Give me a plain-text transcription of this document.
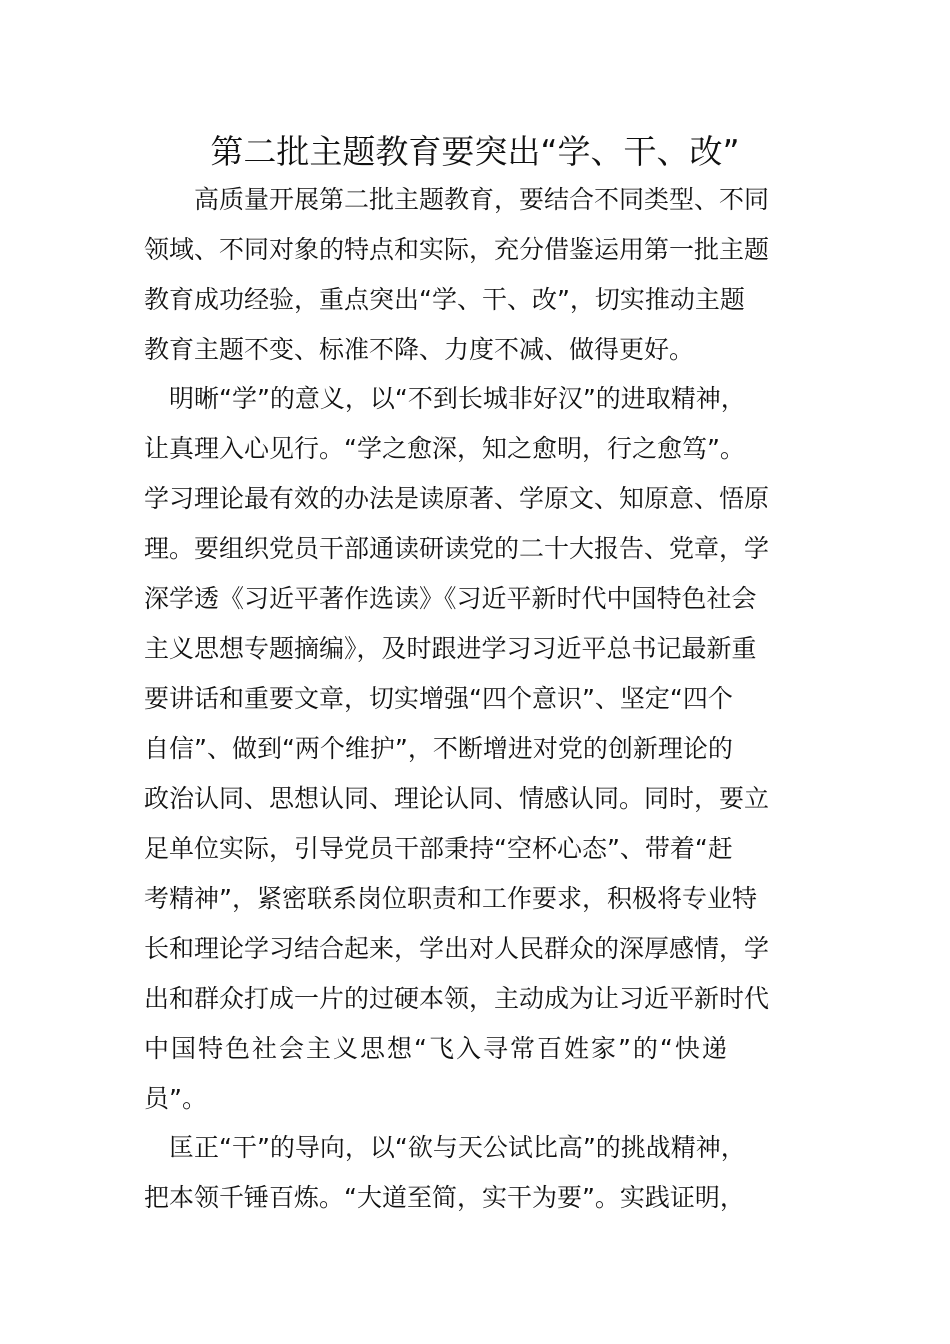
第二批主题教育要突出“学、干、改”
　　高质量开展第二批主题教育，要结合不同类型、不同
领域、不同对象的特点和实际，充分借鉴运用第一批主题
教育成功经验，重点突出“学、干、改”，切实推动主题
教育主题不变、标准不降、力度不减、做得更好。
　明晰“学”的意义，以“不到长城非好汉”的进取精神，
让真理入心见行。“学之愈深，知之愈明，行之愈笃”。
学习理论最有效的办法是读原著、学原文、知原意、悟原
理。要组织党员干部通读研读党的二十大报告、党章，学
深学透《习近平著作选读》《习近平新时代中国特色社会
主义思想专题摘编》，及时跟进学习习近平总书记最新重
要讲话和重要文章，切实增强“四个意识”、坚定“四个
自信”、做到“两个维护”，不断增进对党的创新理论的
政治认同、思想认同、理论认同、情感认同。同时，要立
足单位实际，引导党员干部秉持“空杯心态”、带着“赶
考精神”，紧密联系岗位职责和工作要求，积极将专业特
长和理论学习结合起来，学出对人民群众的深厚感情，学
出和群众打成一片的过硬本领，主动成为让习近平新时代
中国特色社会主义思想“飞入寻常百姓家”的“快递
员”。
　匡正“干”的导向，以“欲与天公试比高”的挑战精神，
把本领千锤百炼。“大道至简，实干为要”。实践证明，
